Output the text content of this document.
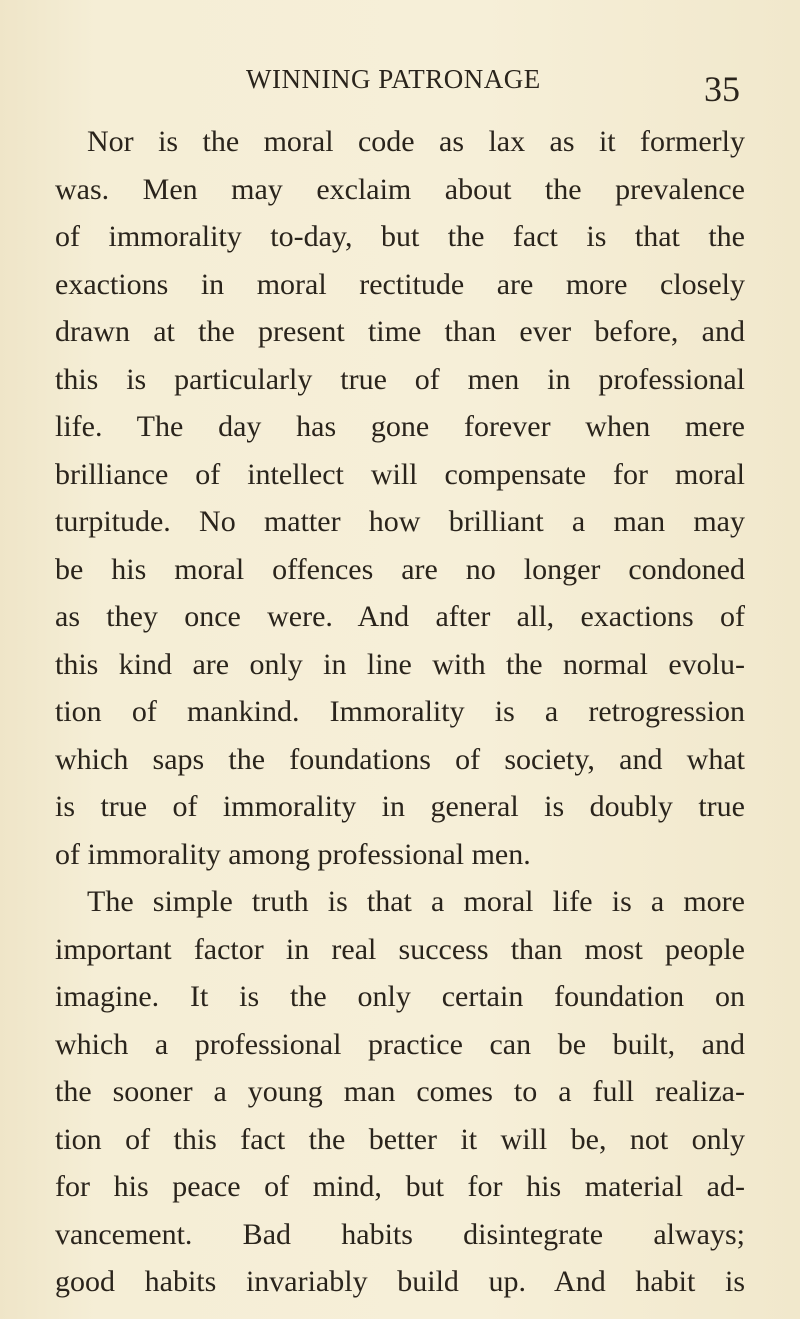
WINNING PATRONAGE	35
Nor is the moral code as lax as it formerly
was. Men may exclaim about the prevalence
of immorality to-day, but the fact is that the
exactions in moral rectitude are more closely
drawn at the present time than ever before, and
this is particularly true of men in professional
life. The day has gone forever when mere
brilliance of intellect will compensate for moral
turpitude. No matter how brilliant a man may
be his moral offences are no longer condoned
as they once were. And after all, exactions of
this kind are only in line with the normal evolu-
tion of mankind. Immorality is a retrogression
which saps the foundations of society, and what
is true of immorality in general is doubly true
of immorality among professional men.
The simple truth is that a moral life is a more
important factor in real success than most people
imagine. It is the only certain foundation on
which a professional practice can be built, and
the sooner a young man comes to a full realiza-
tion of this fact the better it will be, not only
for his peace of mind, but for his material ad-
vancement. Bad habits disintegrate always;
good habits invariably build up. And habit is
